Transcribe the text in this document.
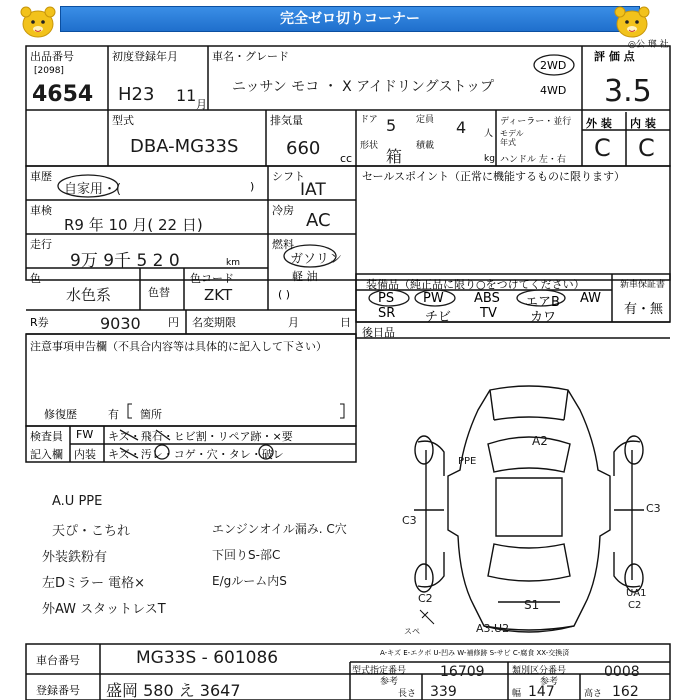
完全ゼロ切りコーナー
◎公 瑯 社
出品番号
[2098]
4654
初度登録年月
H23 11 月
車名・グレード
ニッサン モコ ・ X アイドリングストップ
2WD
4WD
評 価 点
3.5
型式
DBA-MG33S
排気量
660 cc
ドア 5 定員 4 人
形状
箱
積載
kg
ディーラー・並行
モデル
年式
ハンドル 左・右
外 装 内 装
C C
車歴
自家用・(	)
シフト
IAT
セールスポイント（正常に機能するものに限ります）
車検
R9 年 10 月( 22 日)
冷房 AC
走行
9万 9千 5 2 0	km
燃料
ガソリン
軽 油
( )
色
水色系	色替
色コード
ZKT
装備品（純正品に限り○をつけてください）	新車保証書
有・無
PS PW ABS エアB AW
SR チビ TV	カワ
R券	9030 円 名変期限	月	日
後日品
注意事項申告欄（不具合内容等は具体的に記入して下さい）
修復歴	有 箇所
検査員
記入欄
FW キズ・飛石・ヒビ割・リペア跡・×要
内装 キズ・汚レ・コゲ・穴・タレ・破レ
A.U PPE
天ぴ・こちれ
外装鉄粉有
左Dミラー 電格×
外AW スタットレスT
エンジンオイル漏み. C穴
下回りS-部C
E/gルーム内S
A2
PPE
C3
C3
C2	S1
A3.U2
UA1
C2
スペ
A-キズ E-エクボ U-凹み W-補修跡 S-サビ C-腐食 XX-交換済
車台番号	MG33S - 601086
登録番号 盛岡 580 え 3647
型式指定番号
参考
16709	類別区分番号
参考
0008
長さ 339	幅 147	高さ 162
